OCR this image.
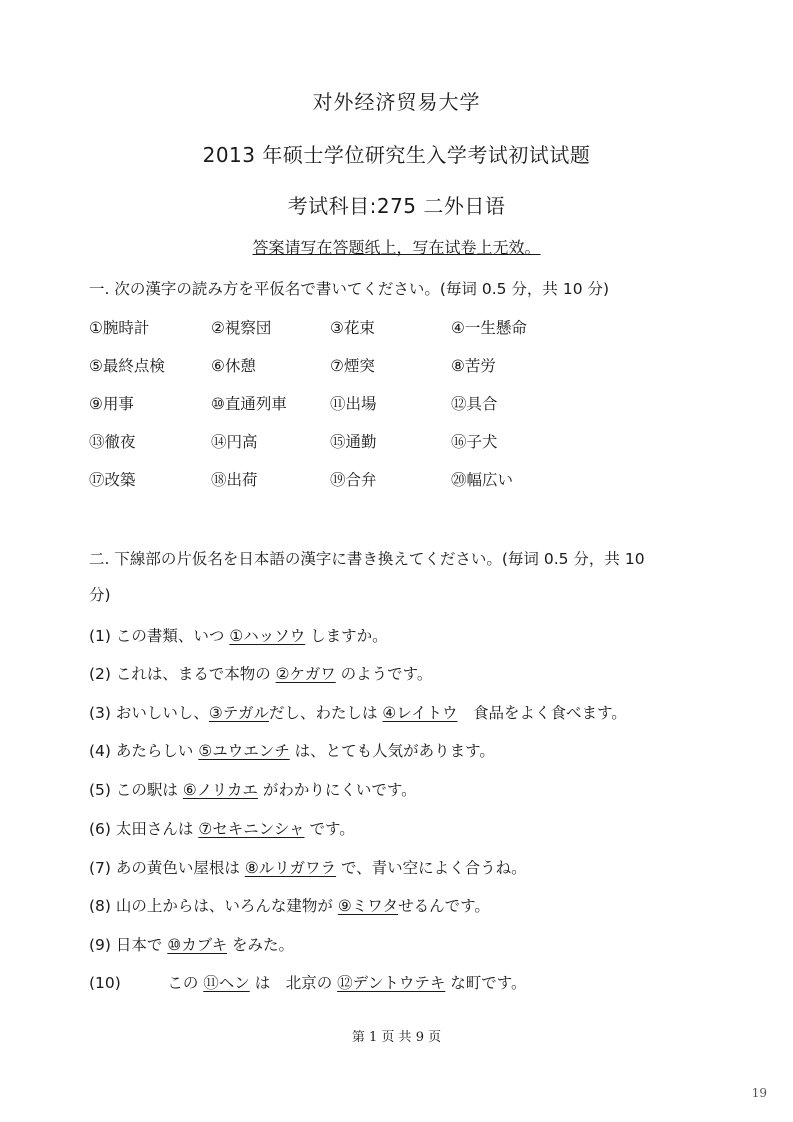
对外经济贸易大学
2013 年硕士学位研究生入学考试初试试题
考试科目:275 二外日语
答案请写在答题纸上，写在试卷上无效。
一. 次の漢字の読み方を平仮名で書いてください。(毎词 0.5 分，共 10 分)
①腕時計	②視察団	③花束	④一生懸命
⑤最終点検	⑥休憩	⑦煙突	⑧苦労
⑨用事	⑩直通列車	⑪出場	⑫具合
⑬徹夜	⑭円高	⑮通勤	⑯子犬
⑰改築	⑱出荷	⑲合弁	⑳幅広い
二. 下線部の片仮名を日本語の漢字に書き換えてください。(毎词 0.5 分，共 10
分)
(1) この書類、いつ ①ハッソウ しますか。
(2) これは、まるで本物の ②ケガワ のようです。
(3) おいしいし、③テガルだし、わたしは ④レイトウ　食品をよく食べます。
(4) あたらしい ⑤ユウエンチ は、とても人気があります。
(5) この駅は ⑥ノリカエ がわかりにくいです。
(6) 太田さんは ⑦セキニンシャ です。
(7) あの黄色い屋根は ⑧ルリガワラ で、青い空によく合うね。
(8) 山の上からは、いろんな建物が ⑨ミワタせるんです。
(9) 日本で ⑩カブキ をみた。
(10)　　　この ⑪ヘン は　北京の ⑫デントウテキ な町です。
第 1 页 共 9 页
19
